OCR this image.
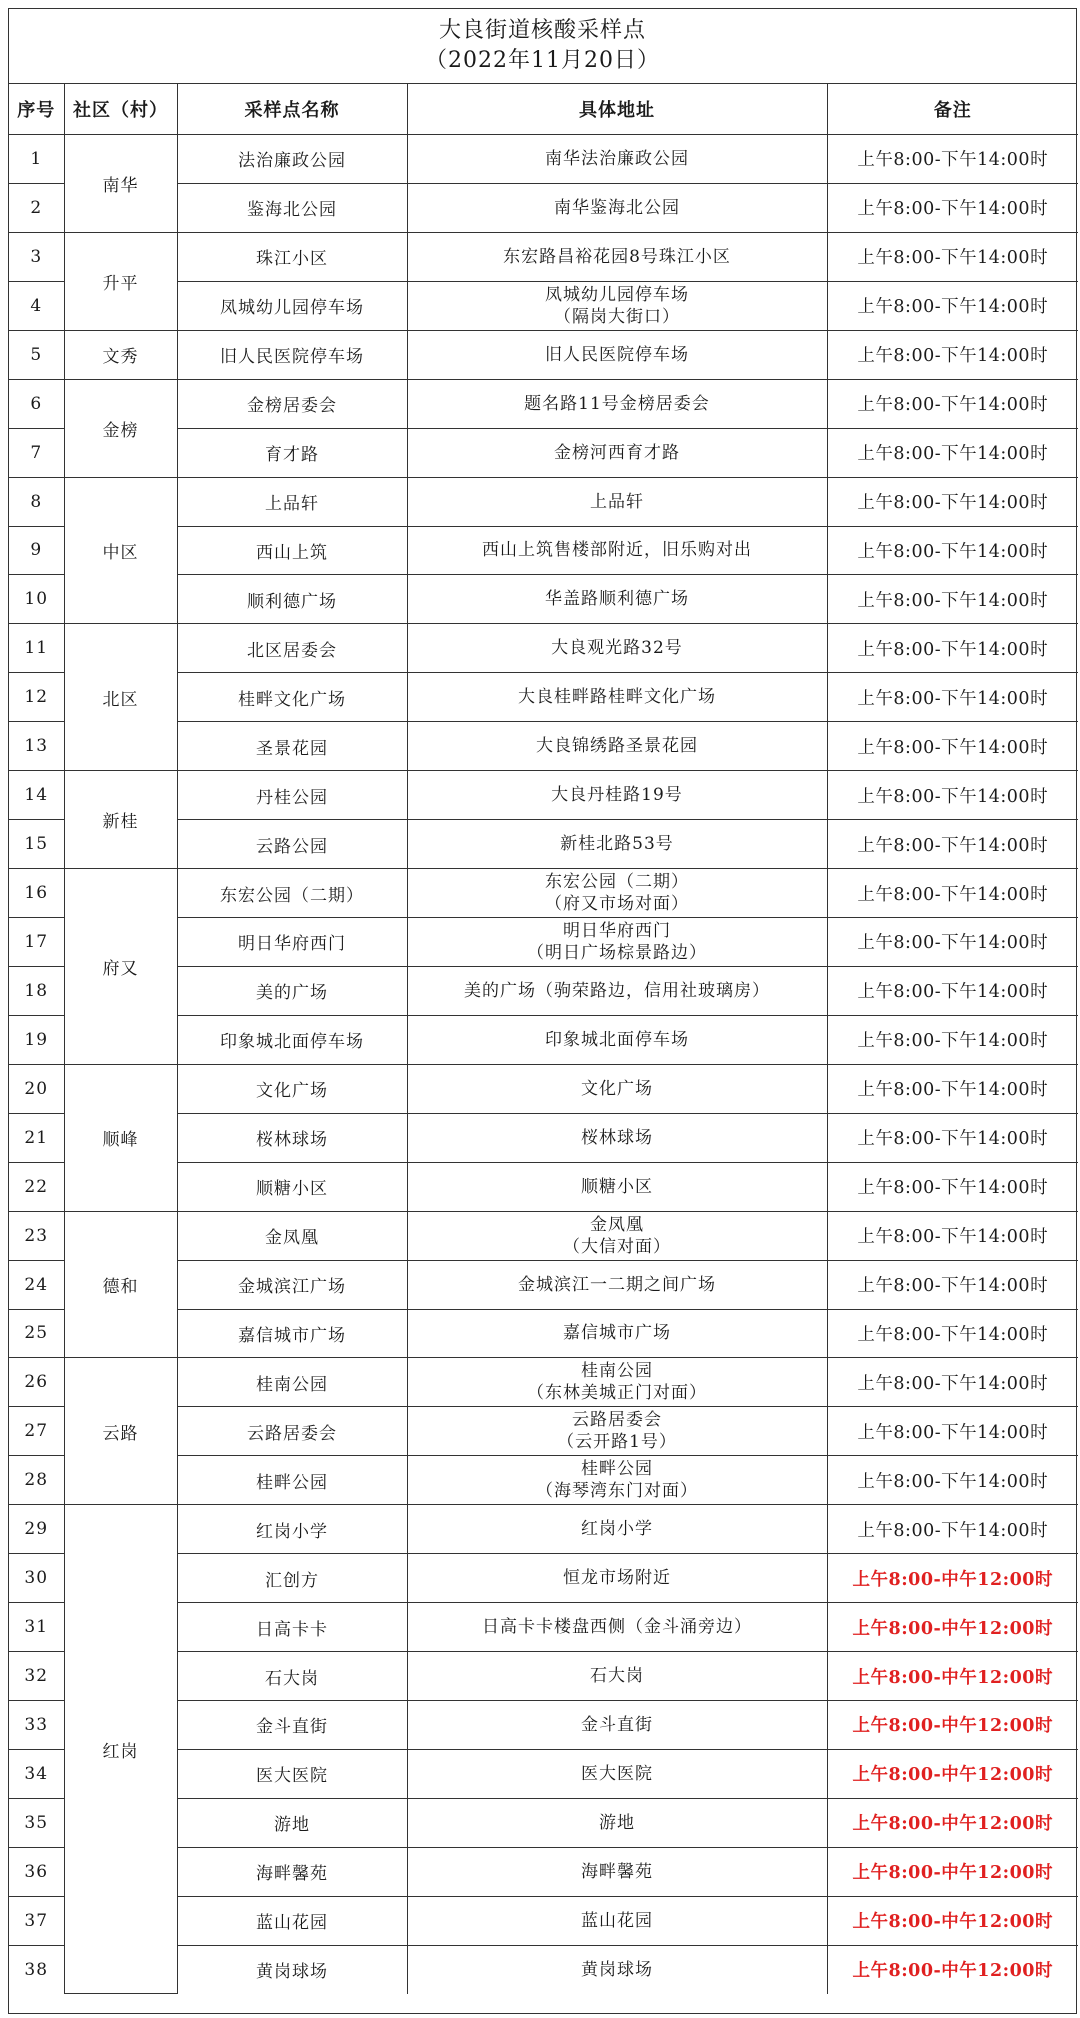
大良街道核酸采样点
（2022年11月20日）
序号	社区（村）	采样点名称	具体地址	备注
1	南华	法治廉政公园	南华法治廉政公园	上午8:00-下午14:00时
2		鉴海北公园	南华鉴海北公园	上午8:00-下午14:00时
3	升平	珠江小区	东宏路昌裕花园8号珠江小区	上午8:00-下午14:00时
4		凤城幼儿园停车场	凤城幼儿园停车场
（隔岗大街口）	上午8:00-下午14:00时
5	文秀	旧人民医院停车场	旧人民医院停车场	上午8:00-下午14:00时
6	金榜	金榜居委会	题名路11号金榜居委会	上午8:00-下午14:00时
7		育才路	金榜河西育才路	上午8:00-下午14:00时
8	中区	上品轩	上品轩	上午8:00-下午14:00时
9		西山上筑	西山上筑售楼部附近，旧乐购对出	上午8:00-下午14:00时
10		顺利德广场	华盖路顺利德广场	上午8:00-下午14:00时
11	北区	北区居委会	大良观光路32号	上午8:00-下午14:00时
12		桂畔文化广场	大良桂畔路桂畔文化广场	上午8:00-下午14:00时
13		圣景花园	大良锦绣路圣景花园	上午8:00-下午14:00时
14	新桂	丹桂公园	大良丹桂路19号	上午8:00-下午14:00时
15		云路公园	新桂北路53号	上午8:00-下午14:00时
16	府又	东宏公园（二期）	东宏公园（二期）
（府又市场对面）	上午8:00-下午14:00时
17		明日华府西门	明日华府西门
（明日广场棕景路边）	上午8:00-下午14:00时
18		美的广场	美的广场（驹荣路边，信用社玻璃房）	上午8:00-下午14:00时
19		印象城北面停车场	印象城北面停车场	上午8:00-下午14:00时
20	顺峰	文化广场	文化广场	上午8:00-下午14:00时
21		桜林球场	桜林球场	上午8:00-下午14:00时
22		顺糖小区	顺糖小区	上午8:00-下午14:00时
23	德和	金凤凰	金凤凰
（大信对面）	上午8:00-下午14:00时
24		金城滨江广场	金城滨江一二期之间广场	上午8:00-下午14:00时
25		嘉信城市广场	嘉信城市广场	上午8:00-下午14:00时
26	云路	桂南公园	桂南公园
（东林美城正门对面）	上午8:00-下午14:00时
27		云路居委会	云路居委会
（云开路1号）	上午8:00-下午14:00时
28		桂畔公园	桂畔公园
（海琴湾东门对面）	上午8:00-下午14:00时
29	红岗	红岗小学	红岗小学	上午8:00-下午14:00时
30		汇创方	恒龙市场附近	上午8:00-中午12:00时
31		日高卡卡	日高卡卡楼盘西侧（金斗涌旁边）	上午8:00-中午12:00时
32		石大岗	石大岗	上午8:00-中午12:00时
33		金斗直街	金斗直街	上午8:00-中午12:00时
34		医大医院	医大医院	上午8:00-中午12:00时
35		游地	游地	上午8:00-中午12:00时
36		海畔馨苑	海畔馨苑	上午8:00-中午12:00时
37		蓝山花园	蓝山花园	上午8:00-中午12:00时
38		黄岗球场	黄岗球场	上午8:00-中午12:00时
